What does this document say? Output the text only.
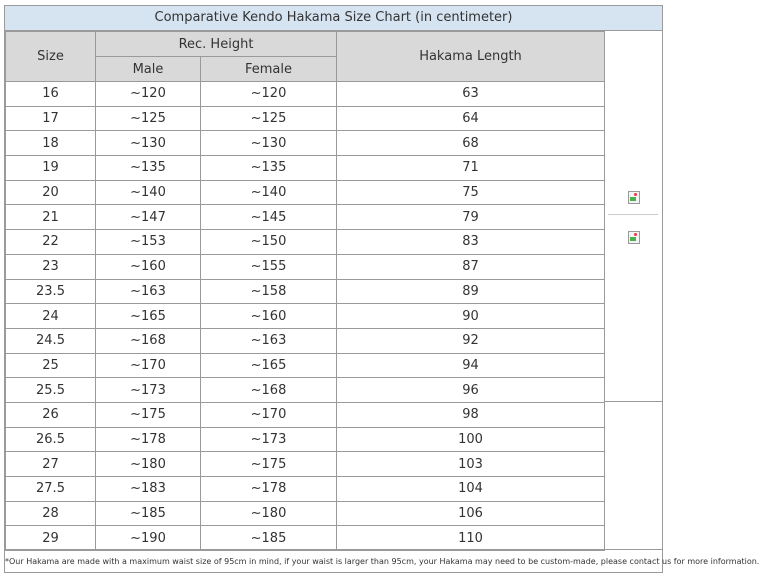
Comparative Kendo Hakama Size Chart (in centimeter)
Size	Rec. Height		Hakama Length
	Male	Female	
16	~120	~120	63
17	~125	~125	64
18	~130	~130	68
19	~135	~135	71
20	~140	~140	75
21	~147	~145	79
22	~153	~150	83
23	~160	~155	87
23.5	~163	~158	89
24	~165	~160	90
24.5	~168	~163	92
25	~170	~165	94
25.5	~173	~168	96
26	~175	~170	98
26.5	~178	~173	100
27	~180	~175	103
27.5	~183	~178	104
28	~185	~180	106
29	~190	~185	110
*Our Hakama are made with a maximum waist size of 95cm in mind, if your waist is larger than 95cm, your Hakama may need to be custom-made, please contact us for more information.
